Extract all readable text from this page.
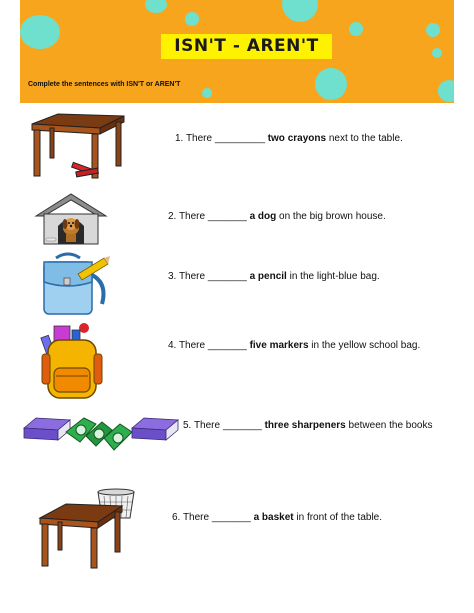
ISN'T - AREN'T
Complete the sentences with ISN'T or AREN'T
1. There _________ two crayons next to the table.
2. There _______ a dog on the big brown house.
3. There _______ a pencil in the light-blue bag.
4. There _______ five markers in the yellow school bag.
5. There _______ three sharpeners between the books
6. There _______ a basket in front of the table.
